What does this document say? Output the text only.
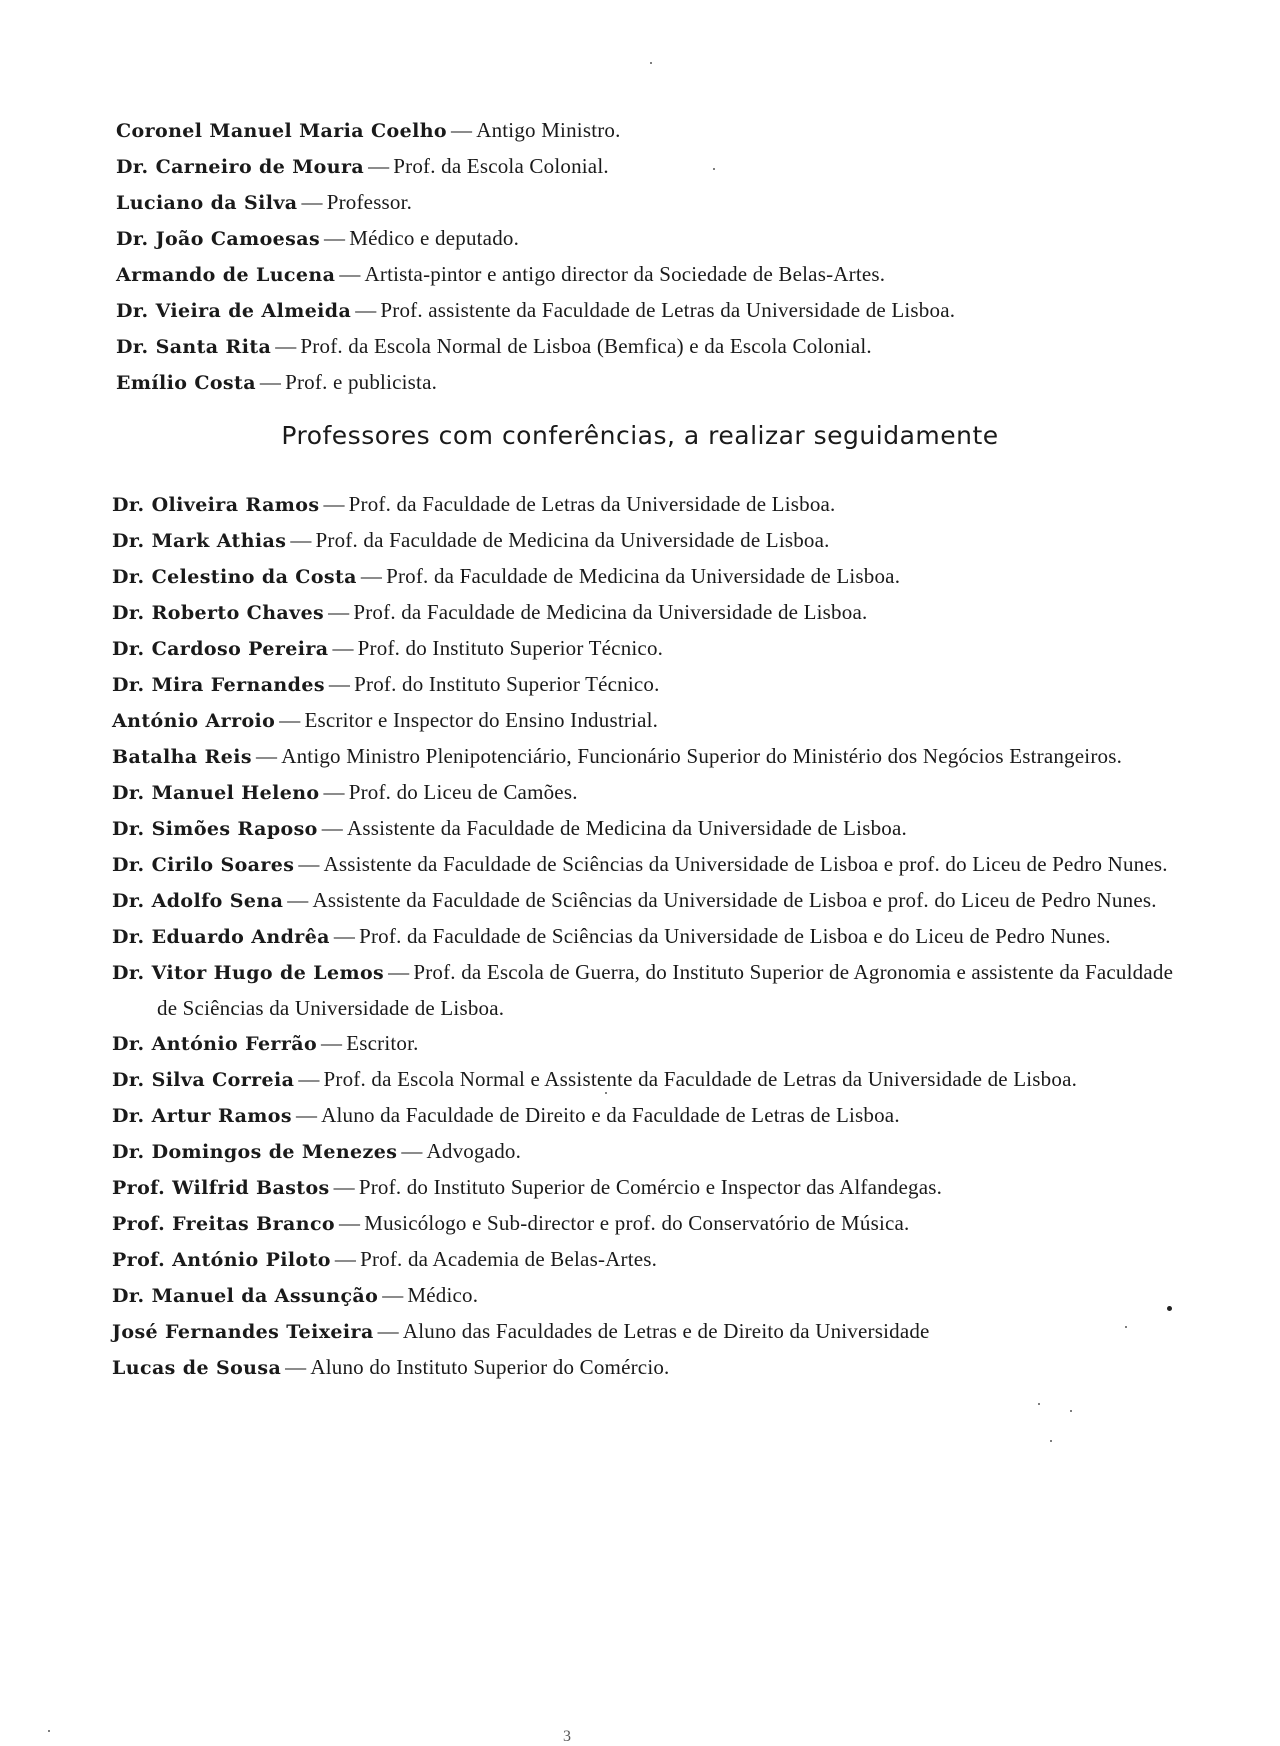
Coronel Manuel Maria Coelho — Antigo Ministro.
Dr. Carneiro de Moura — Prof. da Escola Colonial.
Luciano da Silva — Professor.
Dr. João Camoesas — Médico e deputado.
Armando de Lucena — Artista-pintor e antigo director da Sociedade de Belas-Artes.
Dr. Vieira de Almeida — Prof. assistente da Faculdade de Letras da Universidade de Lisboa.
Dr. Santa Rita — Prof. da Escola Normal de Lisboa (Bemfica) e da Escola Colonial.
Emílio Costa — Prof. e publicista.
Professores com conferências, a realizar seguidamente
Dr. Oliveira Ramos — Prof. da Faculdade de Letras da Universidade de Lisboa.
Dr. Mark Athias — Prof. da Faculdade de Medicina da Universidade de Lisboa.
Dr. Celestino da Costa — Prof. da Faculdade de Medicina da Universidade de Lisboa.
Dr. Roberto Chaves — Prof. da Faculdade de Medicina da Universidade de Lisboa.
Dr. Cardoso Pereira — Prof. do Instituto Superior Técnico.
Dr. Mira Fernandes — Prof. do Instituto Superior Técnico.
António Arroio — Escritor e Inspector do Ensino Industrial.
Batalha Reis — Antigo Ministro Plenipotenciário, Funcionário Superior do Ministério dos Negócios Estrangeiros.
Dr. Manuel Heleno — Prof. do Liceu de Camões.
Dr. Simões Raposo — Assistente da Faculdade de Medicina da Universidade de Lisboa.
Dr. Cirilo Soares — Assistente da Faculdade de Sciências da Universidade de Lisboa e prof. do Liceu de Pedro Nunes.
Dr. Adolfo Sena — Assistente da Faculdade de Sciências da Universidade de Lisboa e prof. do Liceu de Pedro Nunes.
Dr. Eduardo Andrêa — Prof. da Faculdade de Sciências da Universidade de Lisboa e do Liceu de Pedro Nunes.
Dr. Vitor Hugo de Lemos — Prof. da Escola de Guerra, do Instituto Superior de Agronomia e assistente da Faculdade de Sciências da Universidade de Lisboa.
Dr. António Ferrão — Escritor.
Dr. Silva Correia — Prof. da Escola Normal e Assistente da Faculdade de Letras da Universidade de Lisboa.
Dr. Artur Ramos — Aluno da Faculdade de Direito e da Faculdade de Letras de Lisboa.
Dr. Domingos de Menezes — Advogado.
Prof. Wilfrid Bastos — Prof. do Instituto Superior de Comércio e Inspector das Alfandegas.
Prof. Freitas Branco — Musicólogo e Sub-director e prof. do Conservatório de Música.
Prof. António Piloto — Prof. da Academia de Belas-Artes.
Dr. Manuel da Assunção — Médico.
José Fernandes Teixeira — Aluno das Faculdades de Letras e de Direito da Universidade
Lucas de Sousa — Aluno do Instituto Superior do Comércio.
3
